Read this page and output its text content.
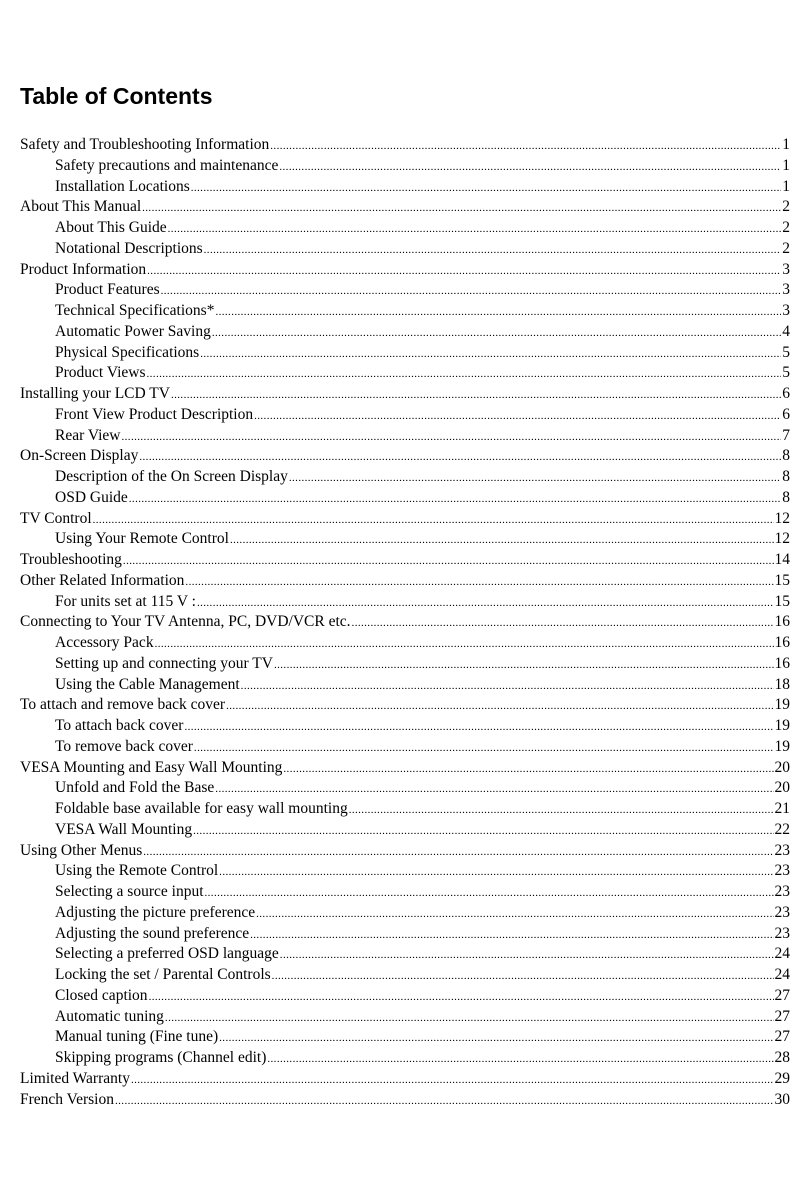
Table of Contents
Safety and Troubleshooting Information .....	1
Safety precautions and maintenance .....	1
Installation Locations .....	1
About This Manual .....	2
About This Guide .....	2
Notational Descriptions .....	2
Product Information .....	3
Product Features .....	3
Technical Specifications* .....	3
Automatic Power Saving .....	4
Physical Specifications .....	5
Product Views .....	5
Installing your LCD TV .....	6
Front View Product Description .....	6
Rear View .....	7
On-Screen Display .....	8
Description of the On Screen Display .....	8
OSD Guide .....	8
TV Control .....	12
Using Your Remote Control .....	12
Troubleshooting .....	14
Other Related Information .....	15
For units set at 115 V : .....	15
Connecting to Your TV Antenna, PC, DVD/VCR etc. .....	16
Accessory Pack .....	16
Setting up and connecting your TV .....	16
Using the Cable Management .....	18
To attach and remove back cover .....	19
To attach back cover .....	19
To remove back cover .....	19
VESA Mounting and Easy Wall Mounting .....	20
Unfold and Fold the Base .....	20
Foldable base available for easy wall mounting .....	21
VESA Wall Mounting .....	22
Using Other Menus .....	23
Using the Remote Control .....	23
Selecting a source input .....	23
Adjusting the picture preference .....	23
Adjusting the sound preference .....	23
Selecting a preferred OSD language .....	24
Locking the set / Parental Controls .....	24
Closed caption .....	27
Automatic tuning .....	27
Manual tuning (Fine tune) .....	27
Skipping programs (Channel edit) .....	28
Limited Warranty .....	29
French Version .....	30
